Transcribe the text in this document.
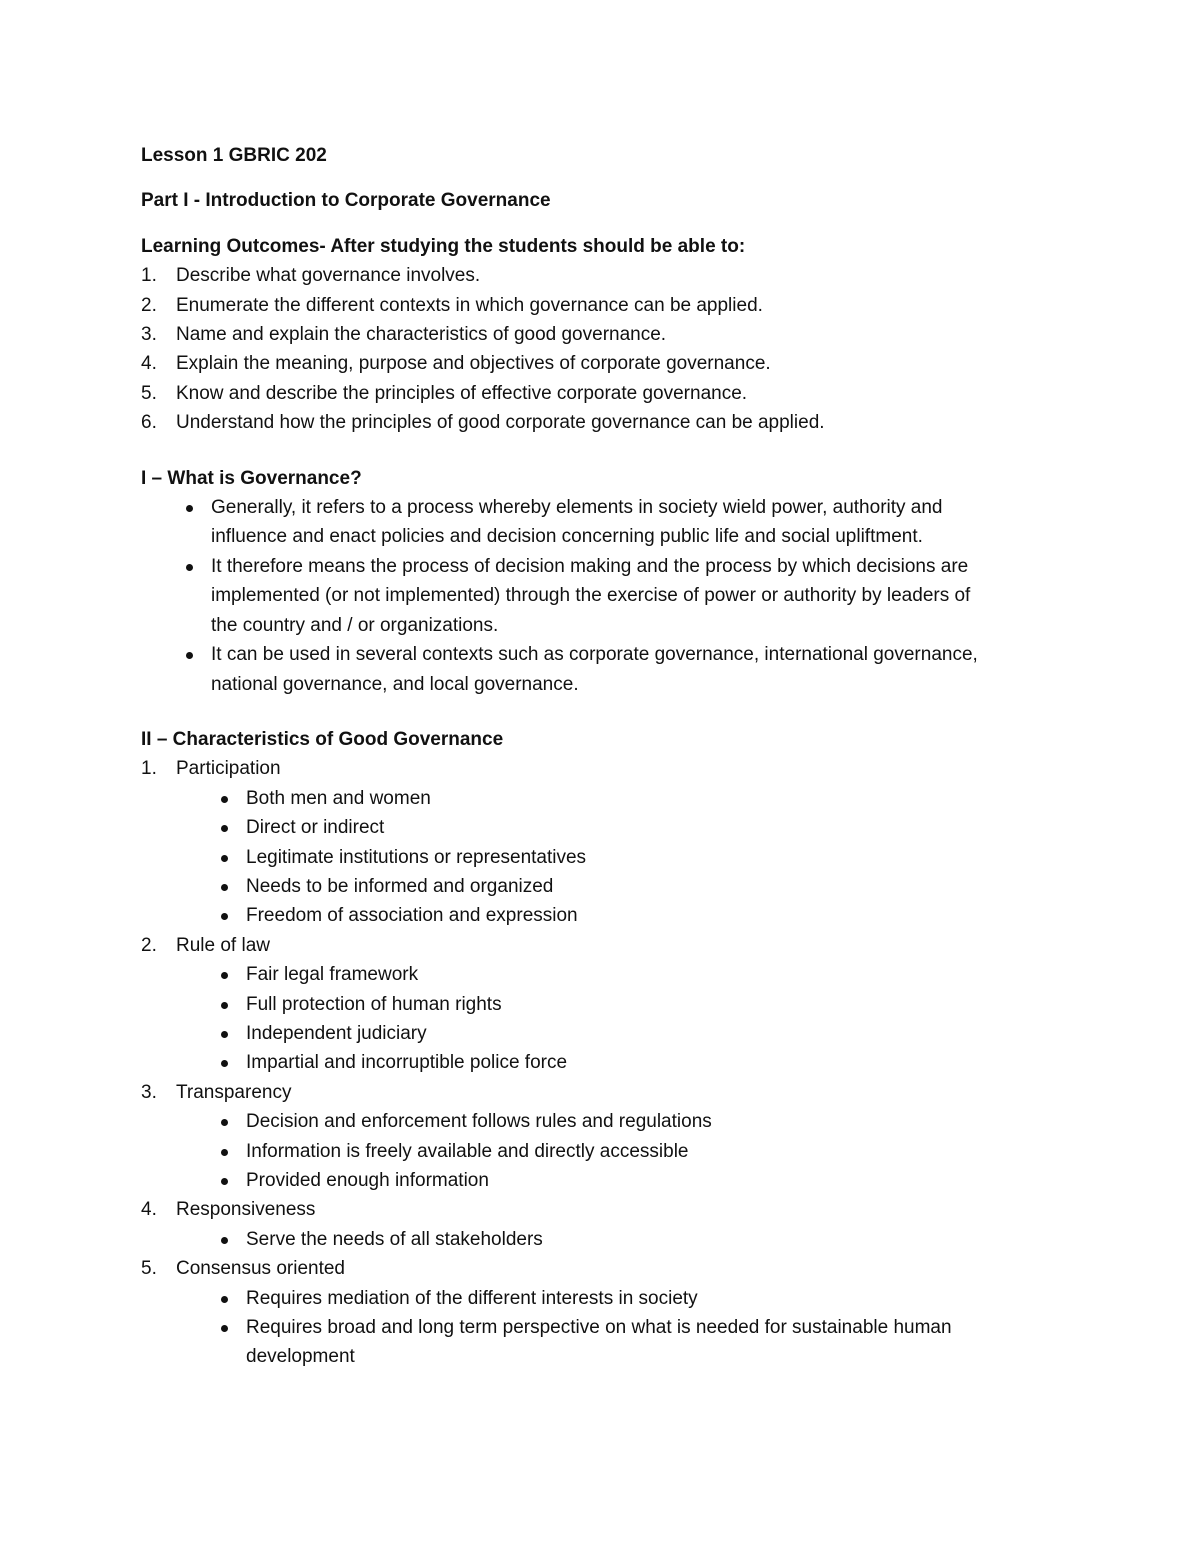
Lesson 1 GBRIC 202
Part I - Introduction to Corporate Governance
Learning Outcomes- After studying the students should be able to:
1.	Describe what governance involves.
2.	Enumerate the different contexts in which governance can be applied.
3.	Name and explain the characteristics of good governance.
4.	Explain the meaning, purpose and objectives of corporate governance.
5.	Know and describe the principles of effective corporate governance.
6.	Understand how the principles of good corporate governance can be applied.
I – What is Governance?
Generally, it refers to a process whereby elements in society wield power, authority and
influence and enact policies and decision concerning public life and social upliftment.
It therefore means the process of decision making and the process by which decisions are
implemented (or not implemented) through the exercise of power or authority by leaders of
the country and / or organizations.
It can be used in several contexts such as corporate governance, international governance,
national governance, and local governance.
II – Characteristics of Good Governance
1.	Participation
Both men and women
Direct or indirect
Legitimate institutions or representatives
Needs to be informed and organized
Freedom of association and expression
2.	Rule of law
Fair legal framework
Full protection of human rights
Independent judiciary
Impartial and incorruptible police force
3.	Transparency
Decision and enforcement follows rules and regulations
Information is freely available and directly accessible
Provided enough information
4.	Responsiveness
Serve the needs of all stakeholders
5.	Consensus oriented
Requires mediation of the different interests in society
Requires broad and long term perspective on what is needed for sustainable human development
